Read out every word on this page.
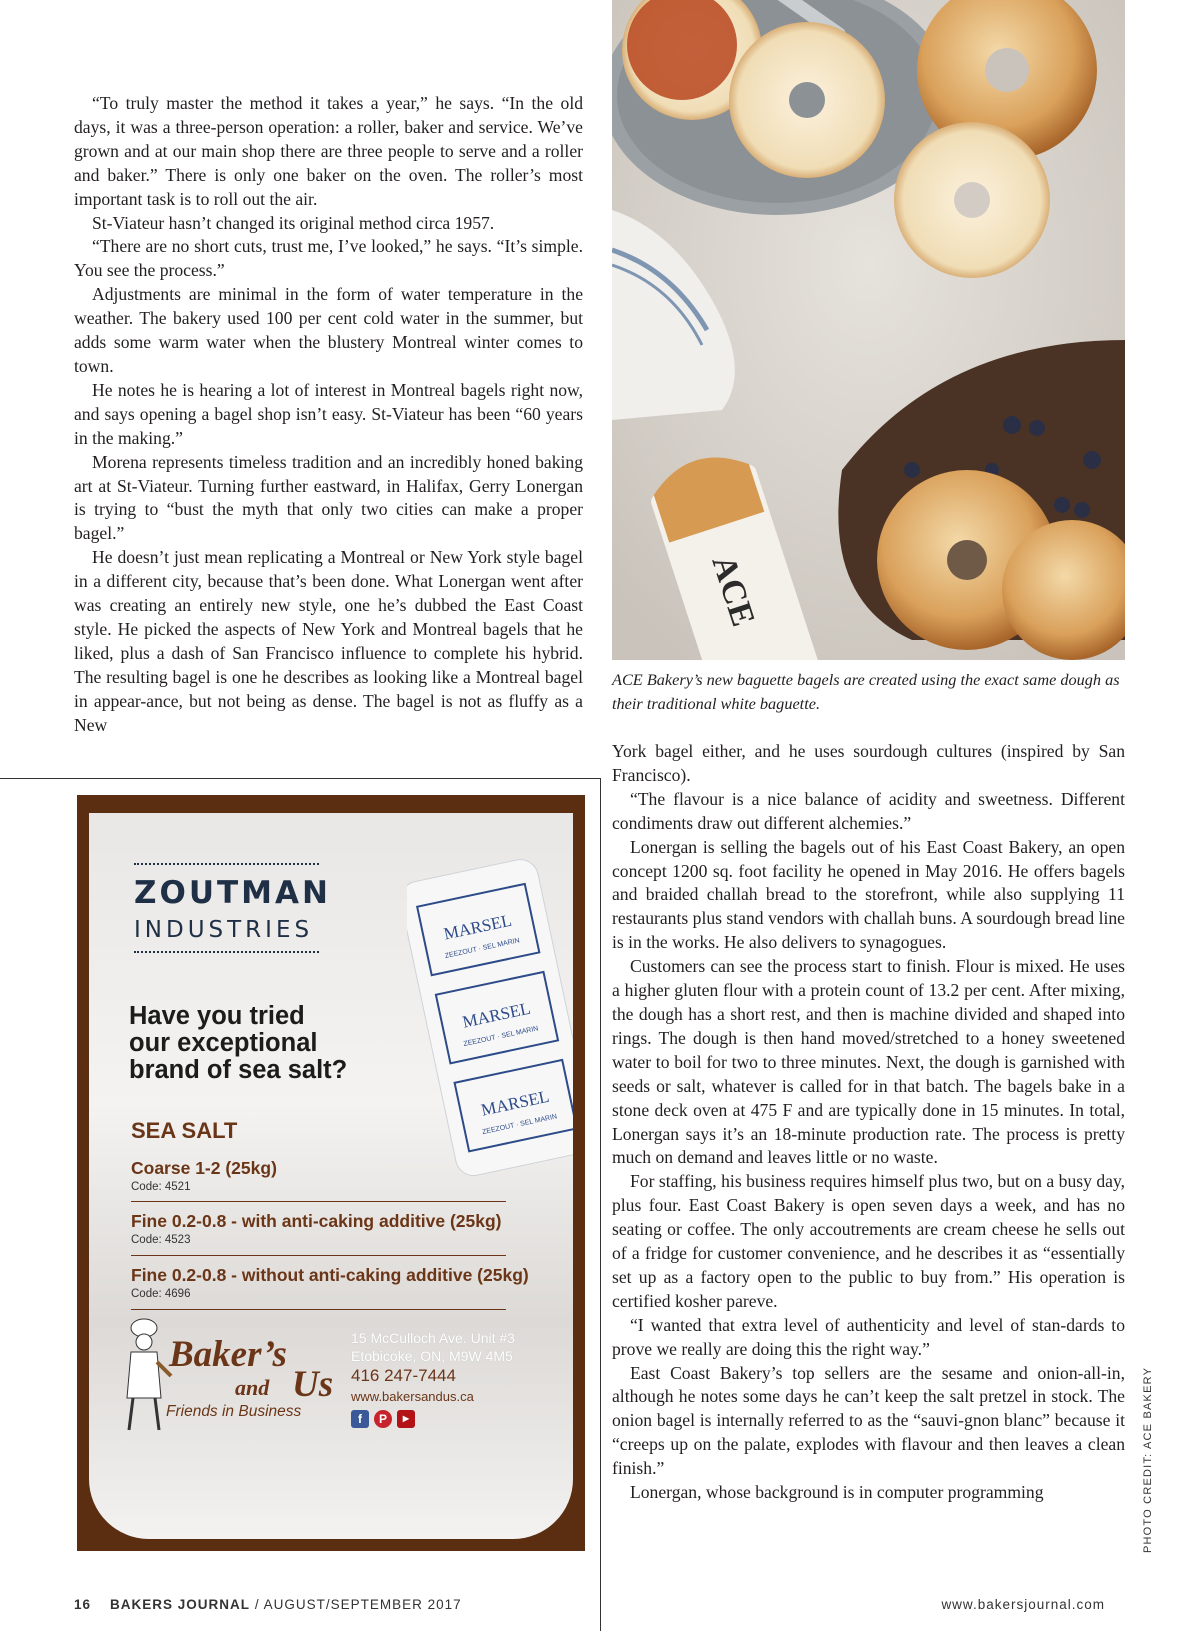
“To truly master the method it takes a year,” he says. “In the old days, it was a three-person operation: a roller, baker and service. We’ve grown and at our main shop there are three people to serve and a roller and baker.” There is only one baker on the oven. The roller’s most important task is to roll out the air.

St-Viateur hasn’t changed its original method circa 1957.

“There are no short cuts, trust me, I’ve looked,” he says. “It’s simple. You see the process.”

Adjustments are minimal in the form of water temperature in the weather. The bakery used 100 per cent cold water in the summer, but adds some warm water when the blustery Montreal winter comes to town.

He notes he is hearing a lot of interest in Montreal bagels right now, and says opening a bagel shop isn’t easy. St-Viateur has been “60 years in the making.”

Morena represents timeless tradition and an incredibly honed baking art at St-Viateur. Turning further eastward, in Halifax, Gerry Lonergan is trying to “bust the myth that only two cities can make a proper bagel.”

He doesn’t just mean replicating a Montreal or New York style bagel in a different city, because that’s been done. What Lonergan went after was creating an entirely new style, one he’s dubbed the East Coast style. He picked the aspects of New York and Montreal bagels that he liked, plus a dash of San Francisco influence to complete his hybrid. The resulting bagel is one he describes as looking like a Montreal bagel in appear-ance, but not being as dense. The bagel is not as fluffy as a New

ACE
ACE Bakery’s new baguette bagels are created using the exact same dough as their traditional white baguette.

York bagel either, and he uses sourdough cultures (inspired by San Francisco).

“The flavour is a nice balance of acidity and sweetness. Different condiments draw out different alchemies.”

Lonergan is selling the bagels out of his East Coast Bakery, an open concept 1200 sq. foot facility he opened in May 2016. He offers bagels and braided challah bread to the storefront, while also supplying 11 restaurants plus stand vendors with challah buns. A sourdough bread line is in the works. He also delivers to synagogues.

Customers can see the process start to finish. Flour is mixed. He uses a higher gluten flour with a protein count of 13.2 per cent. After mixing, the dough has a short rest, and then is machine divided and shaped into rings. The dough is then hand moved/stretched to a honey sweetened water to boil for two to three minutes. Next, the dough is garnished with seeds or salt, whatever is called for in that batch. The bagels bake in a stone deck oven at 475 F and are typically done in 15 minutes. In total, Lonergan says it’s an 18-minute production rate. The process is pretty much on demand and leaves little or no waste.

For staffing, his business requires himself plus two, but on a busy day, plus four. East Coast Bakery is open seven days a week, and has no seating or coffee. The only accoutrements are cream cheese he sells out of a fridge for customer convenience, and he describes it as “essentially set up as a factory open to the public to buy from.” His operation is certified kosher pareve.

“I wanted that extra level of authenticity and level of stan-dards to prove we really are doing this the right way.”

East Coast Bakery’s top sellers are the sesame and onion-all-in, although he notes some days he can’t keep the salt pretzel in stock. The onion bagel is internally referred to as the “sauvi-gnon blanc” because it “creeps up on the palate, explodes with flavour and then leaves a clean finish.”

Lonergan, whose background is in computer programming	PHOTO CREDIT: ACE BAKERY
ZOUTMAN
INDUSTRIES	MARSEL
MARSEL
MARSEL
ZEEZOUT · SEL MARIN
ZEEZOUT · SEL MARIN
ZEEZOUT · SEL MARIN
Have you tried
our exceptional
brand of sea salt?
SEA SALT
Coarse 1-2 (25kg)
Code: 4521
Fine 0.2-0.8 - with anti-caking additive (25kg)
Code: 4523
Fine 0.2-0.8 - without anti-caking additive (25kg)
Code: 4696
Baker’s
and Us
Friends in Business
15 McCulloch Ave. Unit #3
Etobicoke, ON, M9W 4M5
416 247-7444
www.bakersandus.ca
f	P	▶
16 BAKERS JOURNAL / AUGUST/SEPTEMBER 2017	www.bakersjournal.com
